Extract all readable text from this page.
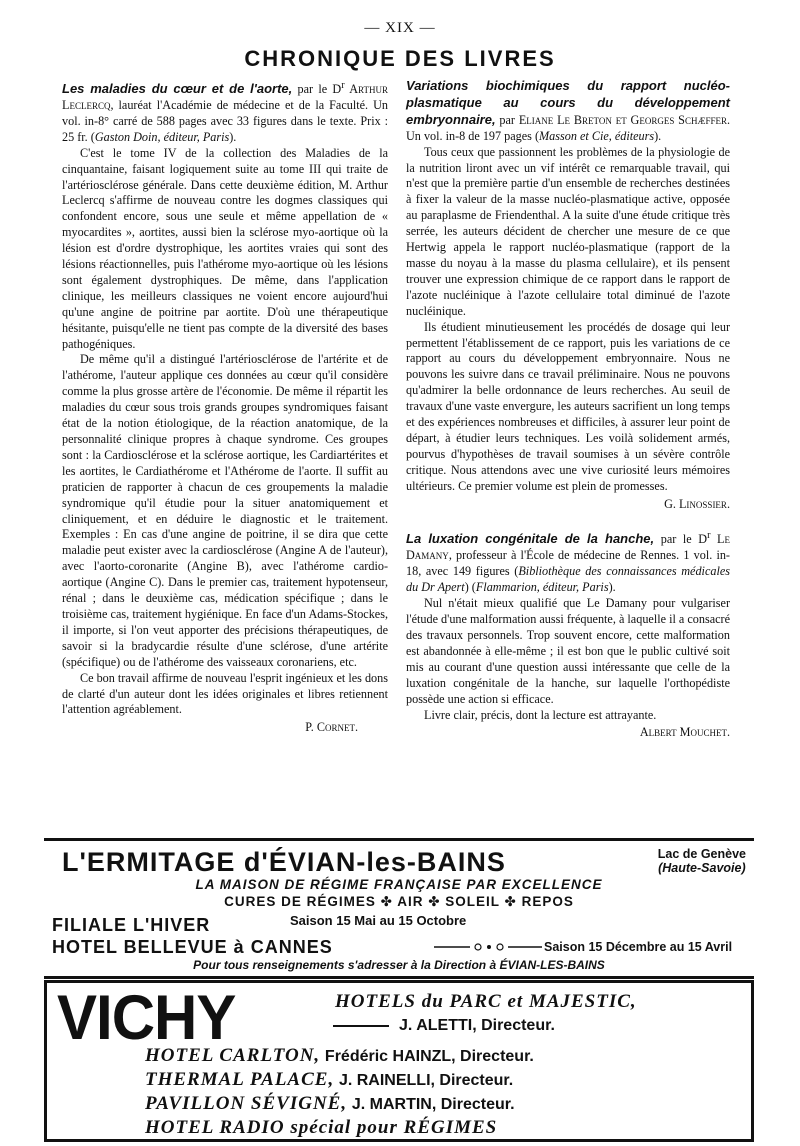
— XIX —
CHRONIQUE DES LIVRES

Les maladies du cœur et de l'aorte, par le $D^r$ Arthur Leclercq, lauréat l'Académie de médecine et de la Faculté. Un vol. in-8° carré de 588 pages avec 33 figures dans le texte. Prix : 25 fr. (Gaston Doin, éditeur, Paris).

C'est le tome IV de la collection des Maladies de la cinquantaine, faisant logiquement suite au tome III qui traite de l'artériosclérose générale. Dans cette deuxième édition, M. Arthur Leclercq s'affirme de nouveau contre les dogmes classiques qui confondent encore, sous une seule et même appellation de « myocardites », aortites, aussi bien la sclérose myo-aortique où la lésion est d'ordre dystrophique, les aortites vraies qui sont des lésions réactionnelles, puis l'athérome myo-aortique où les lésions sont également dystrophiques. De même, dans l'application clinique, les meilleurs classiques ne voient encore aujourd'hui qu'une angine de poitrine par aortite. D'où une thérapeutique hésitante, puisqu'elle ne tient pas compte de la diversité des bases pathogéniques.

De même qu'il a distingué l'artériosclérose de l'artérite et de l'athérome, l'auteur applique ces données au cœur qu'il considère comme la plus grosse artère de l'économie. De même il répartit les maladies du cœur sous trois grands groupes syndromiques faisant état de la notion étiologique, de la réaction anatomique, de la personnalité clinique propres à chaque syndrome. Ces groupes sont : la Cardiosclérose et la sclérose aortique, les Cardiartérites et les aortites, le Cardiathérome et l'Athérome de l'aorte. Il suffit au praticien de rapporter à chacun de ces groupements la maladie syndromique qu'il étudie pour la situer anatomiquement et cliniquement, et en déduire le diagnostic et le traitement. Exemples : En cas d'une angine de poitrine, il se dira que cette maladie peut exister avec la cardiosclérose (Angine A de l'auteur), avec l'aorto-coronarite (Angine B), avec l'athérome cardio-aortique (Angine C). Dans le premier cas, traitement hypotenseur, rénal ; dans le deuxième cas, médication spécifique ; dans le troisième cas, traitement hygiénique. En face d'un Adams-Stockes, il importe, si l'on veut apporter des précisions thérapeutiques, de savoir si la bradycardie résulte d'une sclérose, d'une artérite (spécifique) ou de l'athérome des vaisseaux coronariens, etc.

Ce bon travail affirme de nouveau l'esprit ingénieux et les dons de clarté d'un auteur dont les idées originales et libres retiennent l'attention agréablement.

P. Cornet.

Variations biochimiques du rapport nucléo-plasmatique au cours du développement embryonnaire, par Eliane Le Breton et Georges Schæffer. Un vol. in-8 de 197 pages (Masson et Cie, éditeurs).

Tous ceux que passionnent les problèmes de la physiologie de la nutrition liront avec un vif intérêt ce remarquable travail, qui n'est que la première partie d'un ensemble de recherches destinées à fixer la valeur de la masse nucléo-plasmatique active, opposée au paraplasme de Friendenthal. A la suite d'une étude critique très serrée, les auteurs décident de chercher une mesure de ce que Hertwig appela le rapport nucléo-plasmatique (rapport de la masse du noyau à la masse du plasma cellulaire), et ils pensent trouver une expression chimique de ce rapport dans le rapport de l'azote nucléinique à l'azote cellulaire total diminué de l'azote nucléinique.

Ils étudient minutieusement les procédés de dosage qui leur permettent l'établissement de ce rapport, puis les variations de ce rapport au cours du développement embryonnaire. Nous ne pouvons les suivre dans ce travail préliminaire. Nous ne pouvons qu'admirer la belle ordonnance de leurs recherches. Au seuil de travaux d'une vaste envergure, les auteurs sacrifient un long temps et des expériences nombreuses et difficiles, à assurer leur point de départ, à étudier leurs techniques. Les voilà solidement armés, pourvus d'hypothèses de travail soumises à un sévère contrôle critique. Nous attendons avec une vive curiosité leurs mémoires ultérieurs. Ce premier volume est plein de promesses.

G. Linossier.

La luxation congénitale de la hanche, par le $D^r$ Le Damany, professeur à l'École de médecine de Rennes. 1 vol. in-18, avec 149 figures (Bibliothèque des connaissances médicales du Dr Apert) (Flammarion, éditeur, Paris).

Nul n'était mieux qualifié que Le Damany pour vulgariser l'étude d'une malformation aussi fréquente, à laquelle il a consacré des travaux personnels. Trop souvent encore, cette malformation est abandonnée à elle-même ; il est bon que le public cultivé soit mis au courant d'une question aussi intéressante que celle de la luxation congénitale de la hanche, sur laquelle l'orthopédiste possède une action si efficace.

Livre clair, précis, dont la lecture est attrayante.

Albert Mouchet.
L'ERMITAGE d'ÉVIAN-les-BAINS	Lac de Genève
(Haute-Savoie)
LA MAISON DE RÉGIME FRANÇAISE PAR EXCELLENCE
CURES DE RÉGIMES ✤ AIR ✤ SOLEIL ✤ REPOS
FILIALE L'HIVER	Saison 15 Mai au 15 Octobre
HOTEL BELLEVUE à CANNES	Saison 15 Décembre au 15 Avril
Pour tous renseignements s'adresser à la Direction à ÉVIAN-LES-BAINS
VICHY	HOTELS du PARC et MAJESTIC,
J. ALETTI, Directeur.
HOTEL CARLTON, Frédéric HAINZL, Directeur.
THERMAL PALACE, J. RAINELLI, Directeur.
PAVILLON SÉVIGNÉ, J. MARTIN, Directeur.
HOTEL RADIO spécial pour RÉGIMES
